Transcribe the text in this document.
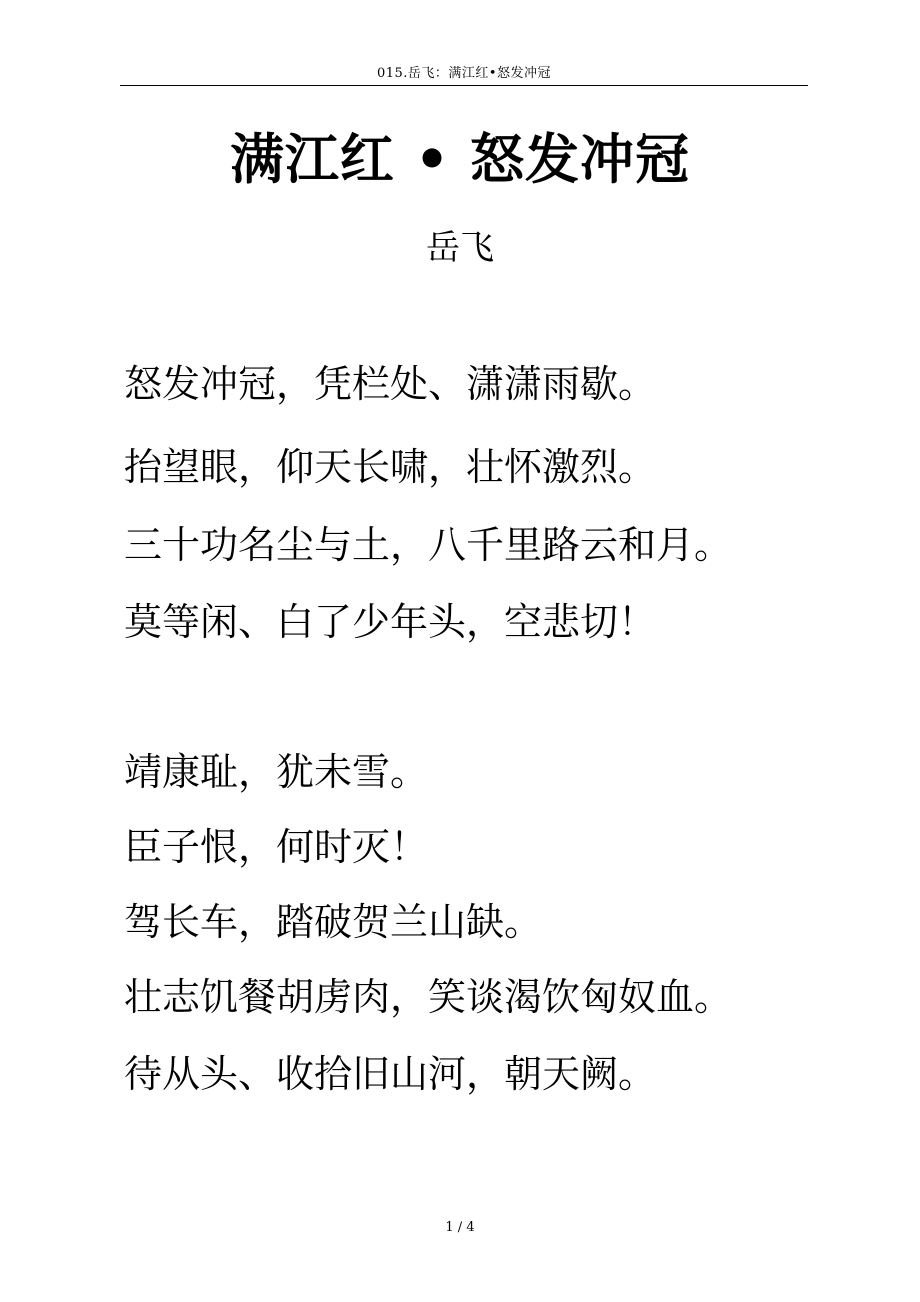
015.岳飞：满江红•怒发冲冠
满江红 • 怒发冲冠
岳飞
怒发冲冠，凭栏处、潇潇雨歇。
抬望眼，仰天长啸，壮怀激烈。
三十功名尘与土，八千里路云和月。
莫等闲、白了少年头，空悲切！
靖康耻，犹未雪。
臣子恨，何时灭！
驾长车，踏破贺兰山缺。
壮志饥餐胡虏肉，笑谈渴饮匈奴血。
待从头、收拾旧山河，朝天阙。
1 / 4
